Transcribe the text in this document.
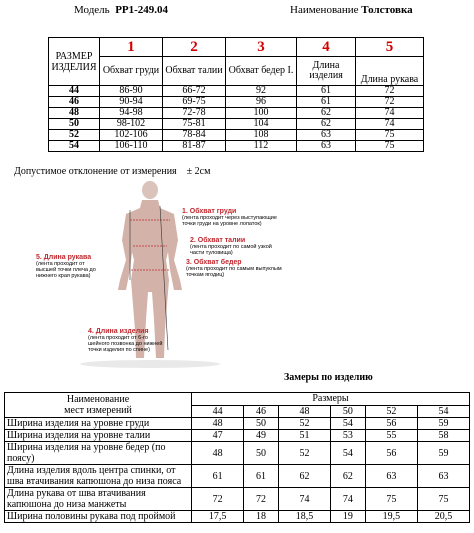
Модель PP1-249.04	Наименование Толстовка
РАЗМЕР ИЗДЕЛИЯ	1	2	3	4	5
	Обхват груди	Обхват талии	Обхват бедер I.	Длина изделия	Длина рукава
44	86-90	66-72	92	61	72
46	90-94	69-75	96	61	72
48	94-98	72-78	100	62	74
50	98-102	75-81	104	62	74
52	102-106	78-84	108	63	75
54	106-110	81-87	112	63	75
Допустимое отклонение от измерения ± 2см
1. Обхват груди
(лента проходит через выступающие
точки груди на уровне лопаток)
2. Обхват талии
(лента проходит по самой узкой
части туловища)
3. Обхват бедер
(лента проходит по самым выпуклым
точкам ягодиц)
5. Длина рукава
(лента проходит от
высшей точки плеча до
нижнего края рукава)
4. Длина изделия
(лента проходит от 6-го
шейного позвонка до нижней
точки изделия по спине)
Замеры по изделию
Наименование
мест измерений	Размеры					
	44	46	48	50	52	54
Ширина изделия на уровне груди	48	50	52	54	56	59
Ширина изделия на уровне талии	47	49	51	53	55	58
Ширина изделия на уровне бедер (по поясу)	48	50	52	54	56	59
Длина изделия вдоль центра спинки, от шва втачивания капюшона до низа пояса	61	61	62	62	63	63
Длина рукава от шва втачивания капюшона до низа манжеты	72	72	74	74	75	75
Ширина половины рукава под проймой	17,5	18	18,5	19	19,5	20,5
